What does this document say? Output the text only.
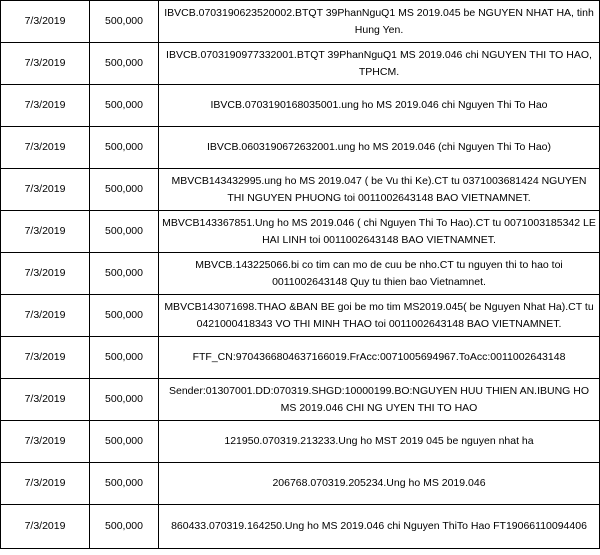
7/3/2019	500,000	IBVCB.0703190623520002.BTQT 39PhanNguQ1 MS 2019.045 be NGUYEN NHAT HA, tinh Hung Yen.
7/3/2019	500,000	IBVCB.0703190977332001.BTQT 39PhanNguQ1 MS 2019.046 chi NGUYEN THI TO HAO, TPHCM.
7/3/2019	500,000	IBVCB.0703190168035001.ung ho MS 2019.046 chi Nguyen Thi To Hao
7/3/2019	500,000	IBVCB.0603190672632001.ung ho MS 2019.046 (chi Nguyen Thi To Hao)
7/3/2019	500,000	MBVCB143432995.ung ho MS 2019.047 ( be Vu thi Ke).CT tu 0371003681424 NGUYEN THI NGUYEN PHUONG toi 0011002643148 BAO VIETNAMNET.
7/3/2019	500,000	MBVCB143367851.Ung ho MS 2019.046 ( chi Nguyen Thi To Hao).CT tu 0071003185342 LE HAI LINH toi 0011002643148 BAO VIETNAMNET.
7/3/2019	500,000	MBVCB.143225066.bi co tim can mo de cuu be nho.CT tu nguyen thi to hao toi 0011002643148 Quy tu thien bao Vietnamnet.
7/3/2019	500,000	MBVCB143071698.THAO &BAN BE goi be mo tim MS2019.045( be Nguyen Nhat Ha).CT tu 0421000418343 VO THI MINH THAO toi 0011002643148 BAO VIETNAMNET.
7/3/2019	500,000	FTF_CN:9704366804637166019.FrAcc:0071005694967.ToAcc:0011002643148
7/3/2019	500,000	Sender:01307001.DD:070319.SHGD:10000199.BO:NGUYEN HUU THIEN AN.IBUNG HO MS 2019.046 CHI NG UYEN THI TO HAO
7/3/2019	500,000	121950.070319.213233.Ung ho MST 2019 045 be nguyen nhat ha
7/3/2019	500,000	206768.070319.205234.Ung ho MS 2019.046
7/3/2019	500,000	860433.070319.164250.Ung ho MS 2019.046 chi Nguyen ThiTo Hao FT19066110094406
